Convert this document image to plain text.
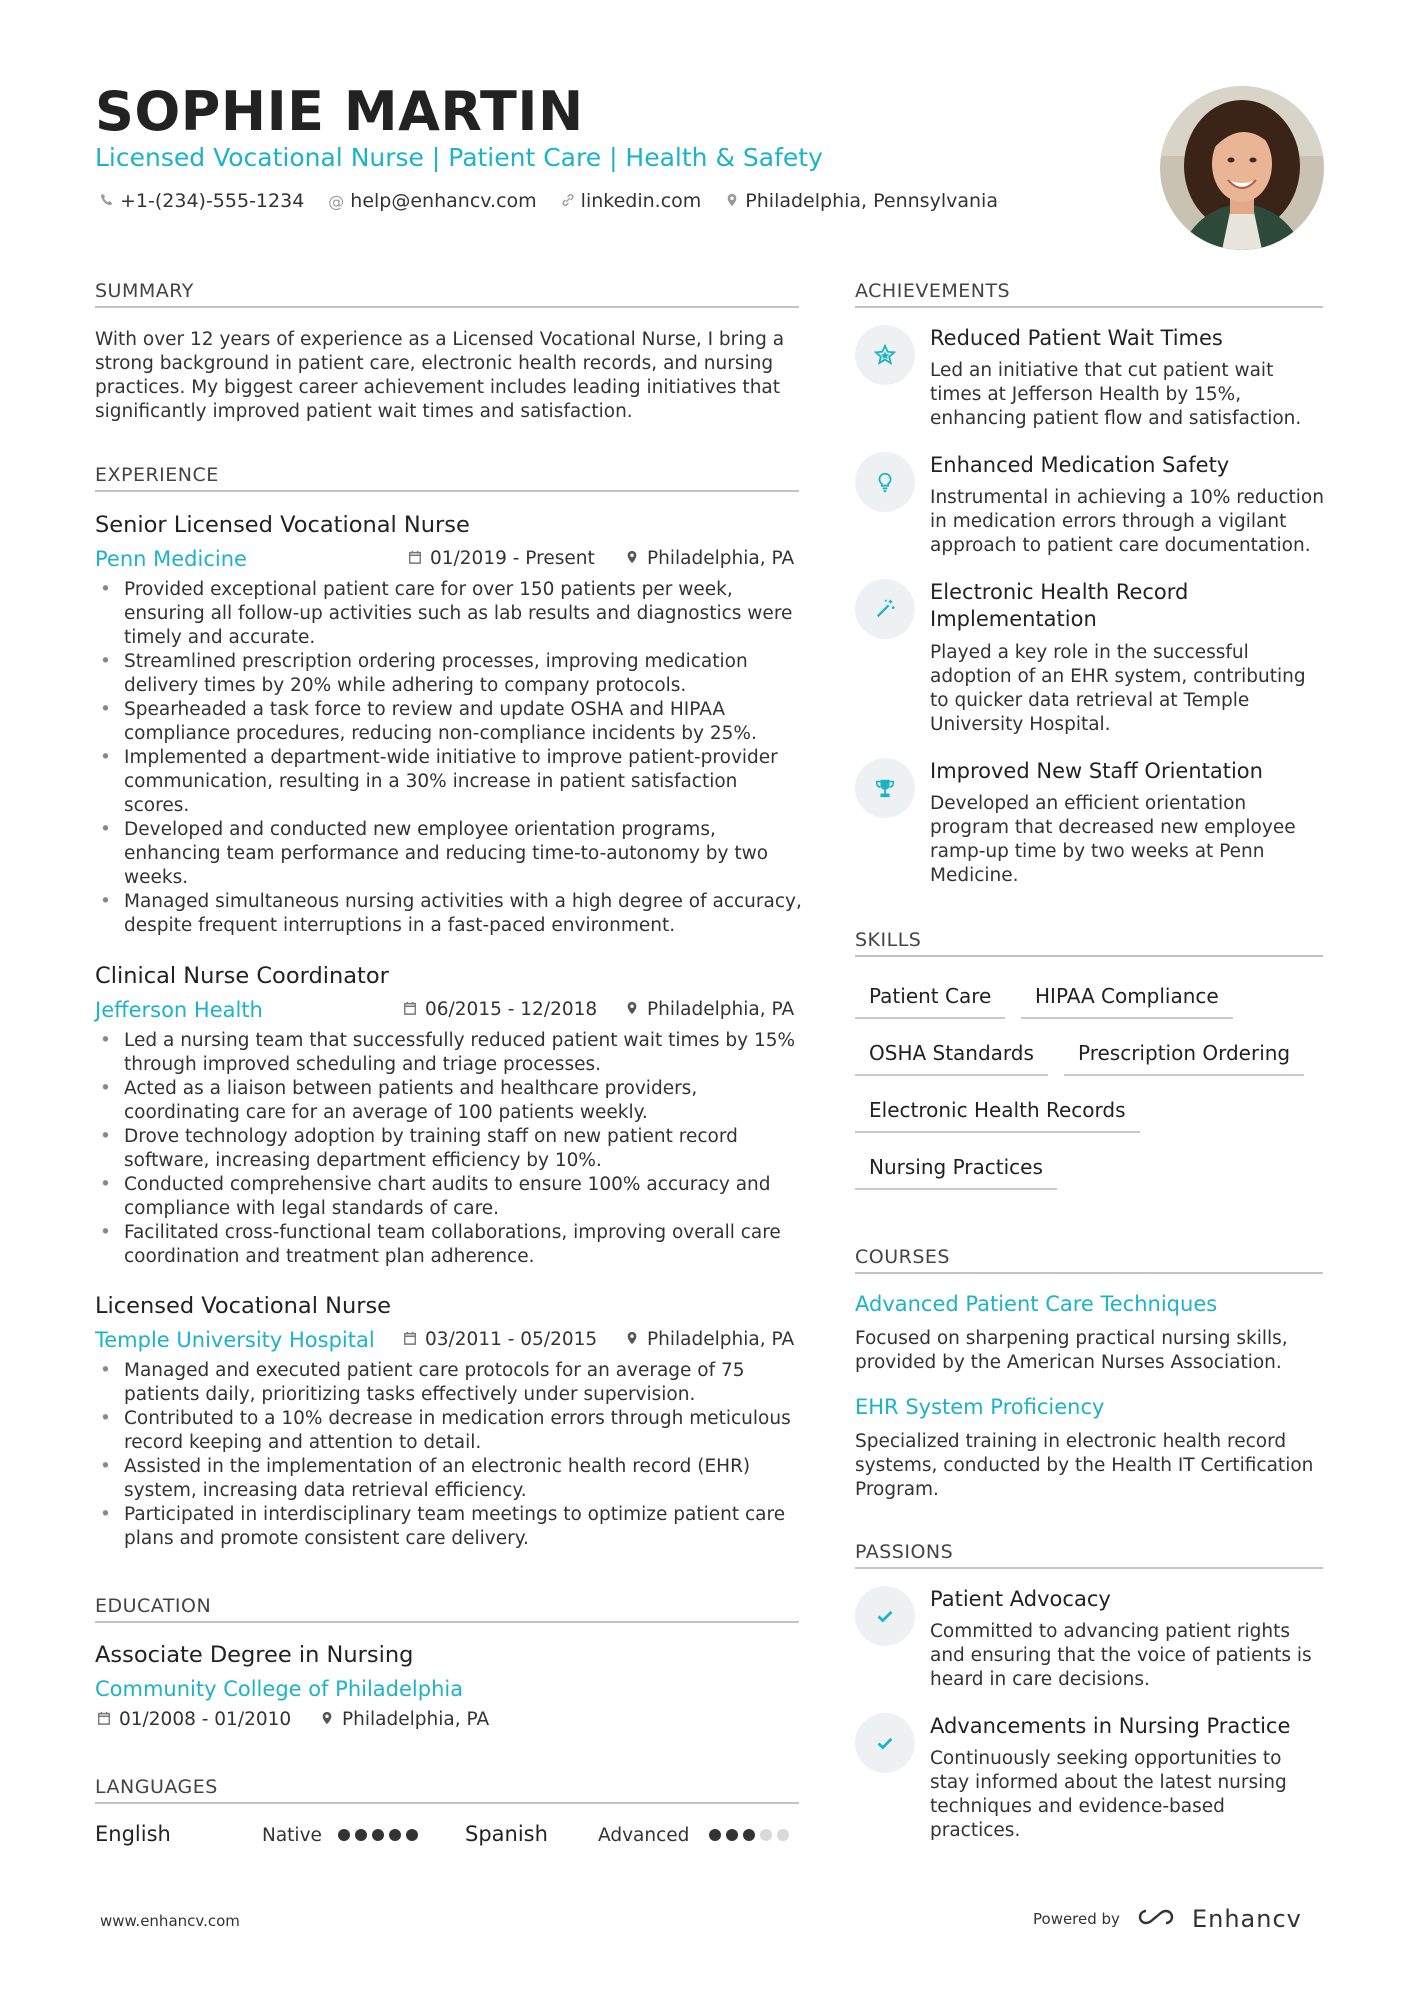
SOPHIE MARTIN
Licensed Vocational Nurse | Patient Care | Health & Safety
+1-(234)-555-1234 @ help@enhancv.com linkedin.com Philadelphia, Pennsylvania
SUMMARY
With over 12 years of experience as a Licensed Vocational Nurse, I bring a
strong background in patient care, electronic health records, and nursing
practices. My biggest career achievement includes leading initiatives that
significantly improved patient wait times and satisfaction.
EXPERIENCE
Senior Licensed Vocational Nurse
Penn Medicine	01/2019 - Present	Philadelphia, PA
• Provided exceptional patient care for over 150 patients per week,
ensuring all follow-up activities such as lab results and diagnostics were
timely and accurate.
• Streamlined prescription ordering processes, improving medication
delivery times by 20% while adhering to company protocols.
• Spearheaded a task force to review and update OSHA and HIPAA
compliance procedures, reducing non-compliance incidents by 25%.
• Implemented a department-wide initiative to improve patient-provider
communication, resulting in a 30% increase in patient satisfaction
scores.
• Developed and conducted new employee orientation programs,
enhancing team performance and reducing time-to-autonomy by two
weeks.
• Managed simultaneous nursing activities with a high degree of accuracy,
despite frequent interruptions in a fast-paced environment.
Clinical Nurse Coordinator
Jefferson Health	06/2015 - 12/2018	Philadelphia, PA
• Led a nursing team that successfully reduced patient wait times by 15%
through improved scheduling and triage processes.
• Acted as a liaison between patients and healthcare providers,
coordinating care for an average of 100 patients weekly.
• Drove technology adoption by training staff on new patient record
software, increasing department efficiency by 10%.
• Conducted comprehensive chart audits to ensure 100% accuracy and
compliance with legal standards of care.
• Facilitated cross-functional team collaborations, improving overall care
coordination and treatment plan adherence.
Licensed Vocational Nurse
Temple University Hospital	03/2011 - 05/2015	Philadelphia, PA
• Managed and executed patient care protocols for an average of 75
patients daily, prioritizing tasks effectively under supervision.
• Contributed to a 10% decrease in medication errors through meticulous
record keeping and attention to detail.
• Assisted in the implementation of an electronic health record (EHR)
system, increasing data retrieval efficiency.
• Participated in interdisciplinary team meetings to optimize patient care
plans and promote consistent care delivery.
EDUCATION
Associate Degree in Nursing
Community College of Philadelphia
01/2008 - 01/2010	Philadelphia, PA
LANGUAGES
English	Native	Spanish	Advanced
ACHIEVEMENTS
Reduced Patient Wait Times
Led an initiative that cut patient wait
times at Jefferson Health by 15%,
enhancing patient flow and satisfaction.
Enhanced Medication Safety
Instrumental in achieving a 10% reduction
in medication errors through a vigilant
approach to patient care documentation.
Electronic Health Record
Implementation
Played a key role in the successful
adoption of an EHR system, contributing
to quicker data retrieval at Temple
University Hospital.
Improved New Staff Orientation
Developed an efficient orientation
program that decreased new employee
ramp-up time by two weeks at Penn
Medicine.
SKILLS
Patient Care	HIPAA Compliance
OSHA Standards	Prescription Ordering
Electronic Health Records
Nursing Practices
COURSES
Advanced Patient Care Techniques
Focused on sharpening practical nursing skills,
provided by the American Nurses Association.
EHR System Proficiency
Specialized training in electronic health record
systems, conducted by the Health IT Certification
Program.
PASSIONS
Patient Advocacy
Committed to advancing patient rights
and ensuring that the voice of patients is
heard in care decisions.
Advancements in Nursing Practice
Continuously seeking opportunities to
stay informed about the latest nursing
techniques and evidence-based
practices.
www.enhancv.com	Powered by	Enhancv
